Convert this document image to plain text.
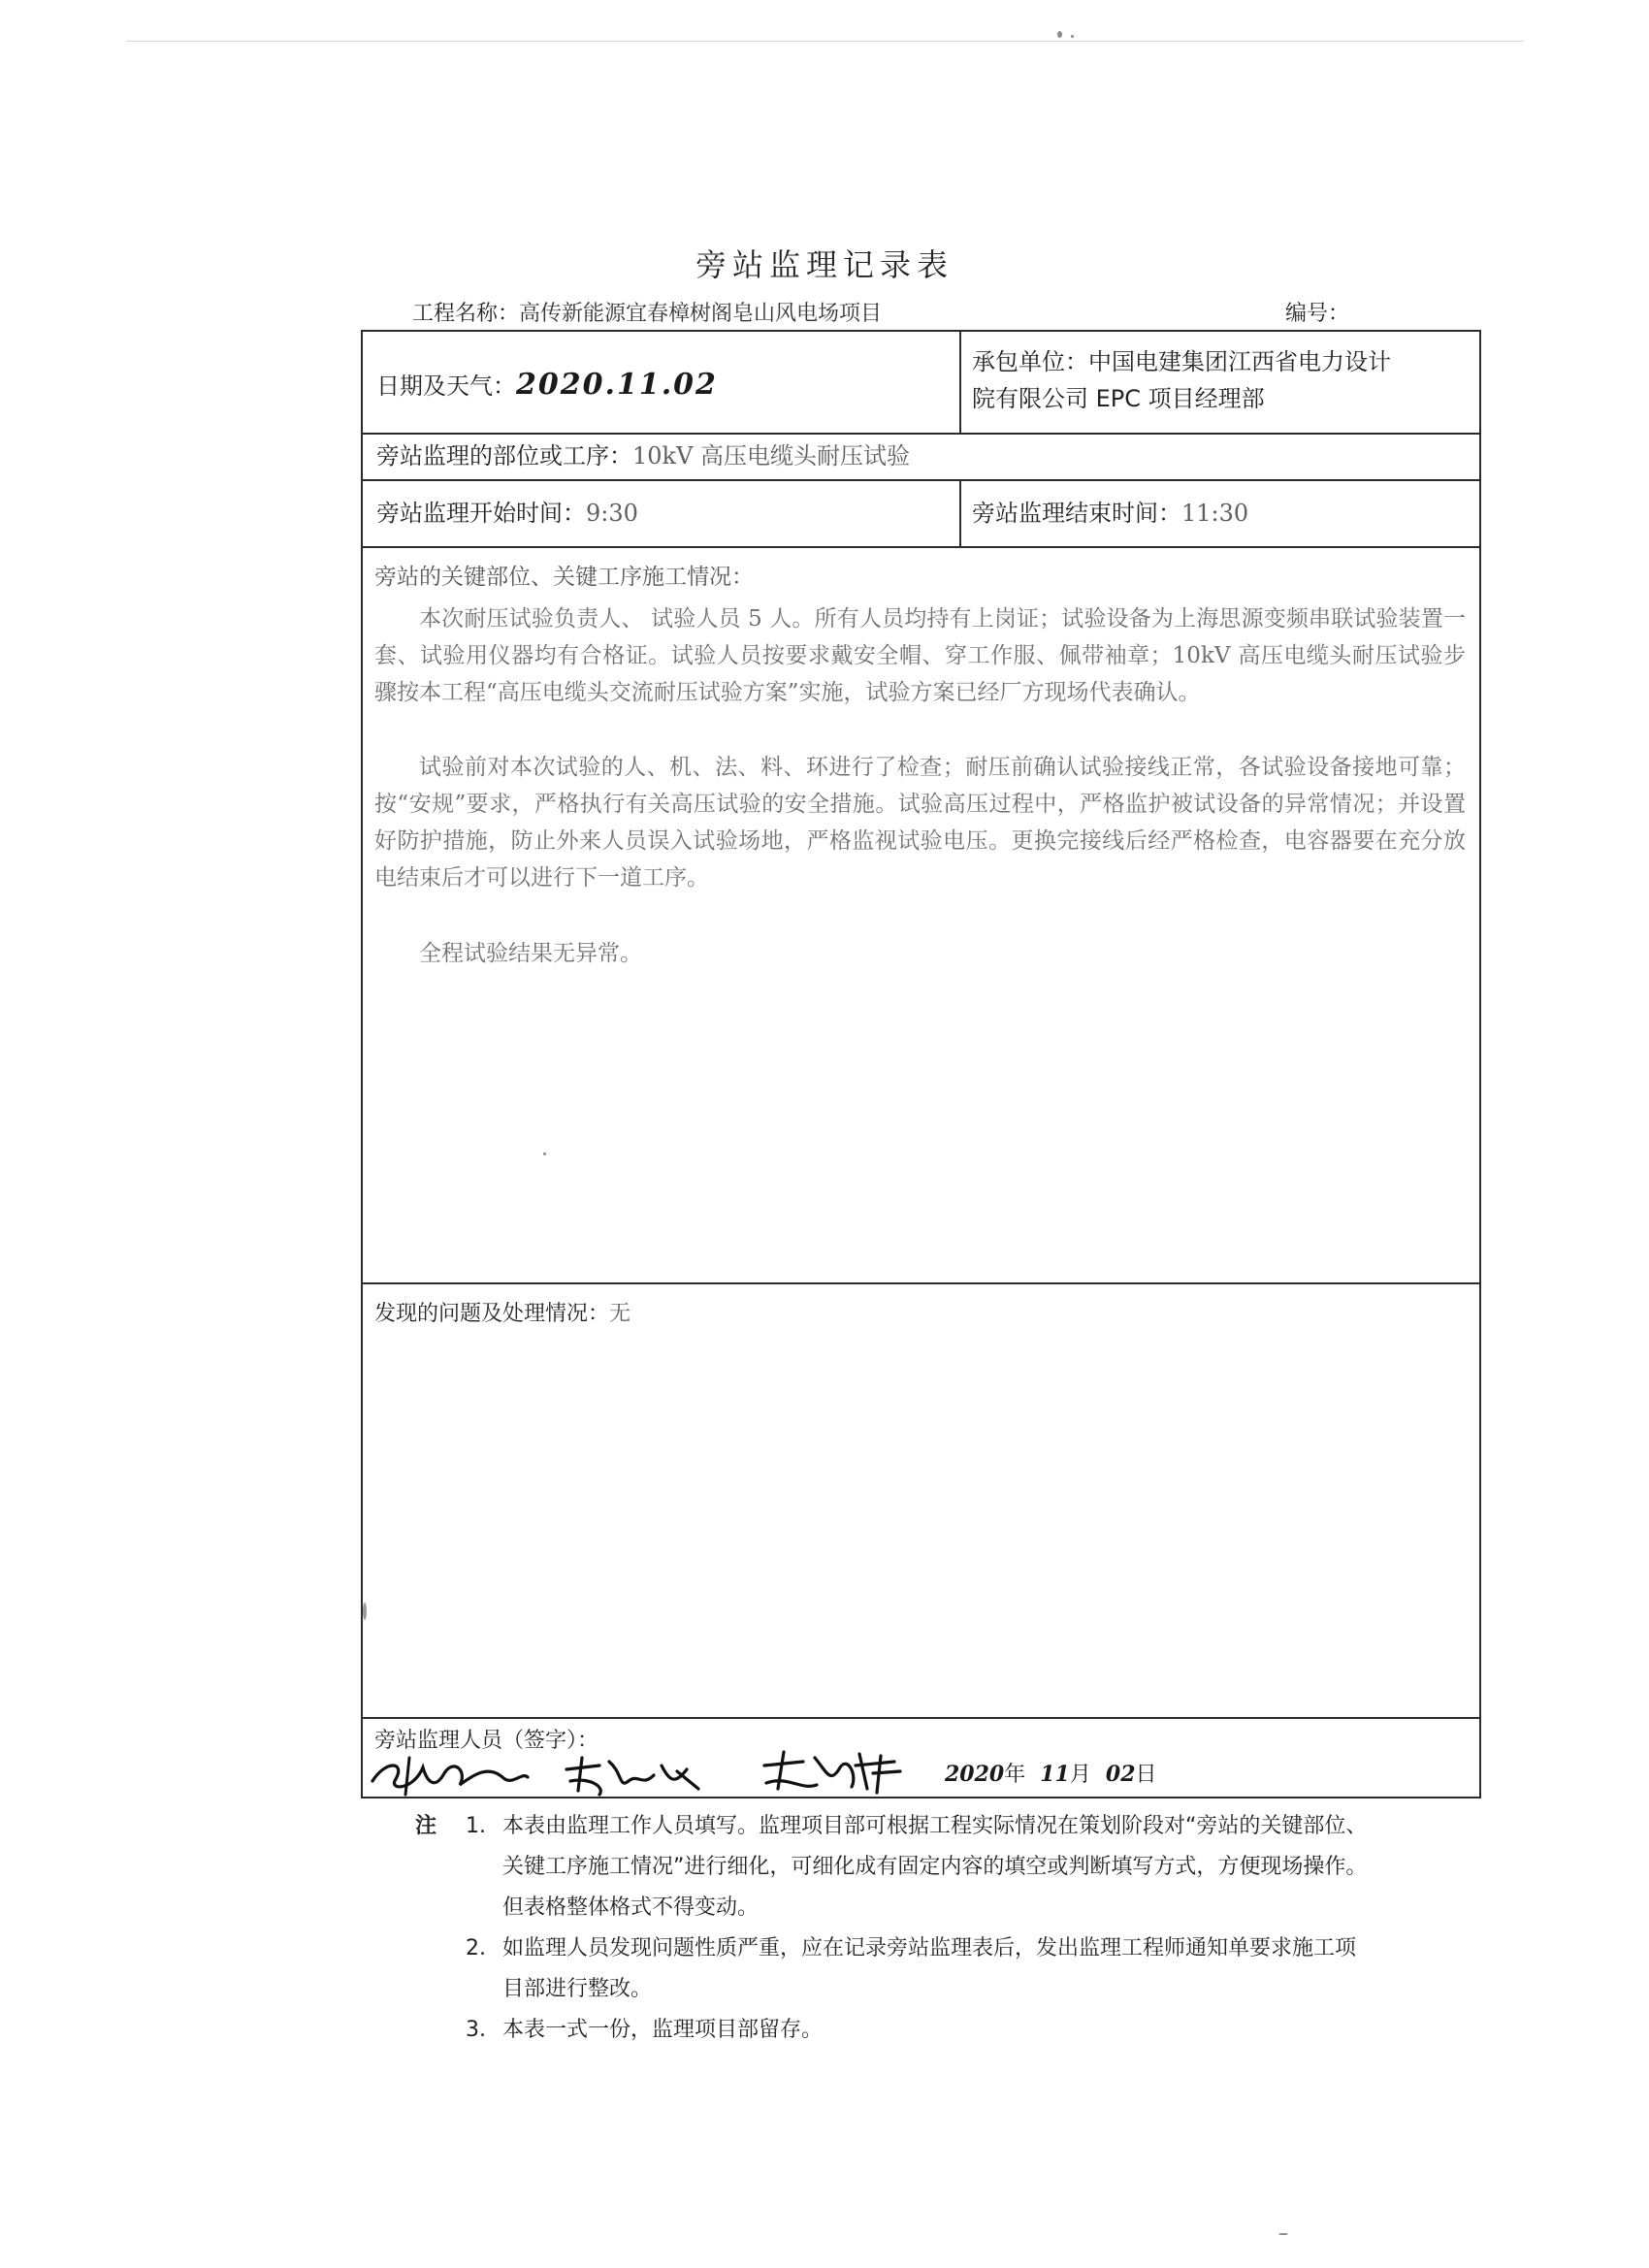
旁站监理记录表
工程名称：高传新能源宜春樟树阁皂山风电场项目	编号：
日期及天气：2020.11.02
承包单位：中国电建集团江西省电力设计
院有限公司 EPC 项目经理部
旁站监理的部位或工序：10kV 高压电缆头耐压试验
旁站监理开始时间：9:30	旁站监理结束时间：11:30
旁站的关键部位、关键工序施工情况：

本次耐压试验负责人、 试验人员 5 人。所有人员均持有上岗证；试验设备为上海思源变频串联试验装置一套、试验用仪器均有合格证。试验人员按要求戴安全帽、穿工作服、佩带袖章；10kV 高压电缆头耐压试验步骤按本工程“高压电缆头交流耐压试验方案”实施，试验方案已经厂方现场代表确认。

试验前对本次试验的人、机、法、料、环进行了检查；耐压前确认试验接线正常，各试验设备接地可靠；按“安规”要求，严格执行有关高压试验的安全措施。试验高压过程中，严格监护被试设备的异常情况；并设置好防护措施，防止外来人员误入试验场地，严格监视试验电压。更换完接线后经严格检查，电容器要在充分放电结束后才可以进行下一道工序。

全程试验结果无异常。

发现的问题及处理情况：无
旁站监理人员（签字）：
2020年 11月 02日
注 1. 本表由监理工作人员填写。监理项目部可根据工程实际情况在策划阶段对“旁站的关键部位、
关键工序施工情况”进行细化，可细化成有固定内容的填空或判断填写方式，方便现场操作。
但表格整体格式不得变动。
2. 如监理人员发现问题性质严重，应在记录旁站监理表后，发出监理工程师通知单要求施工项
目部进行整改。
3. 本表一式一份，监理项目部留存。
